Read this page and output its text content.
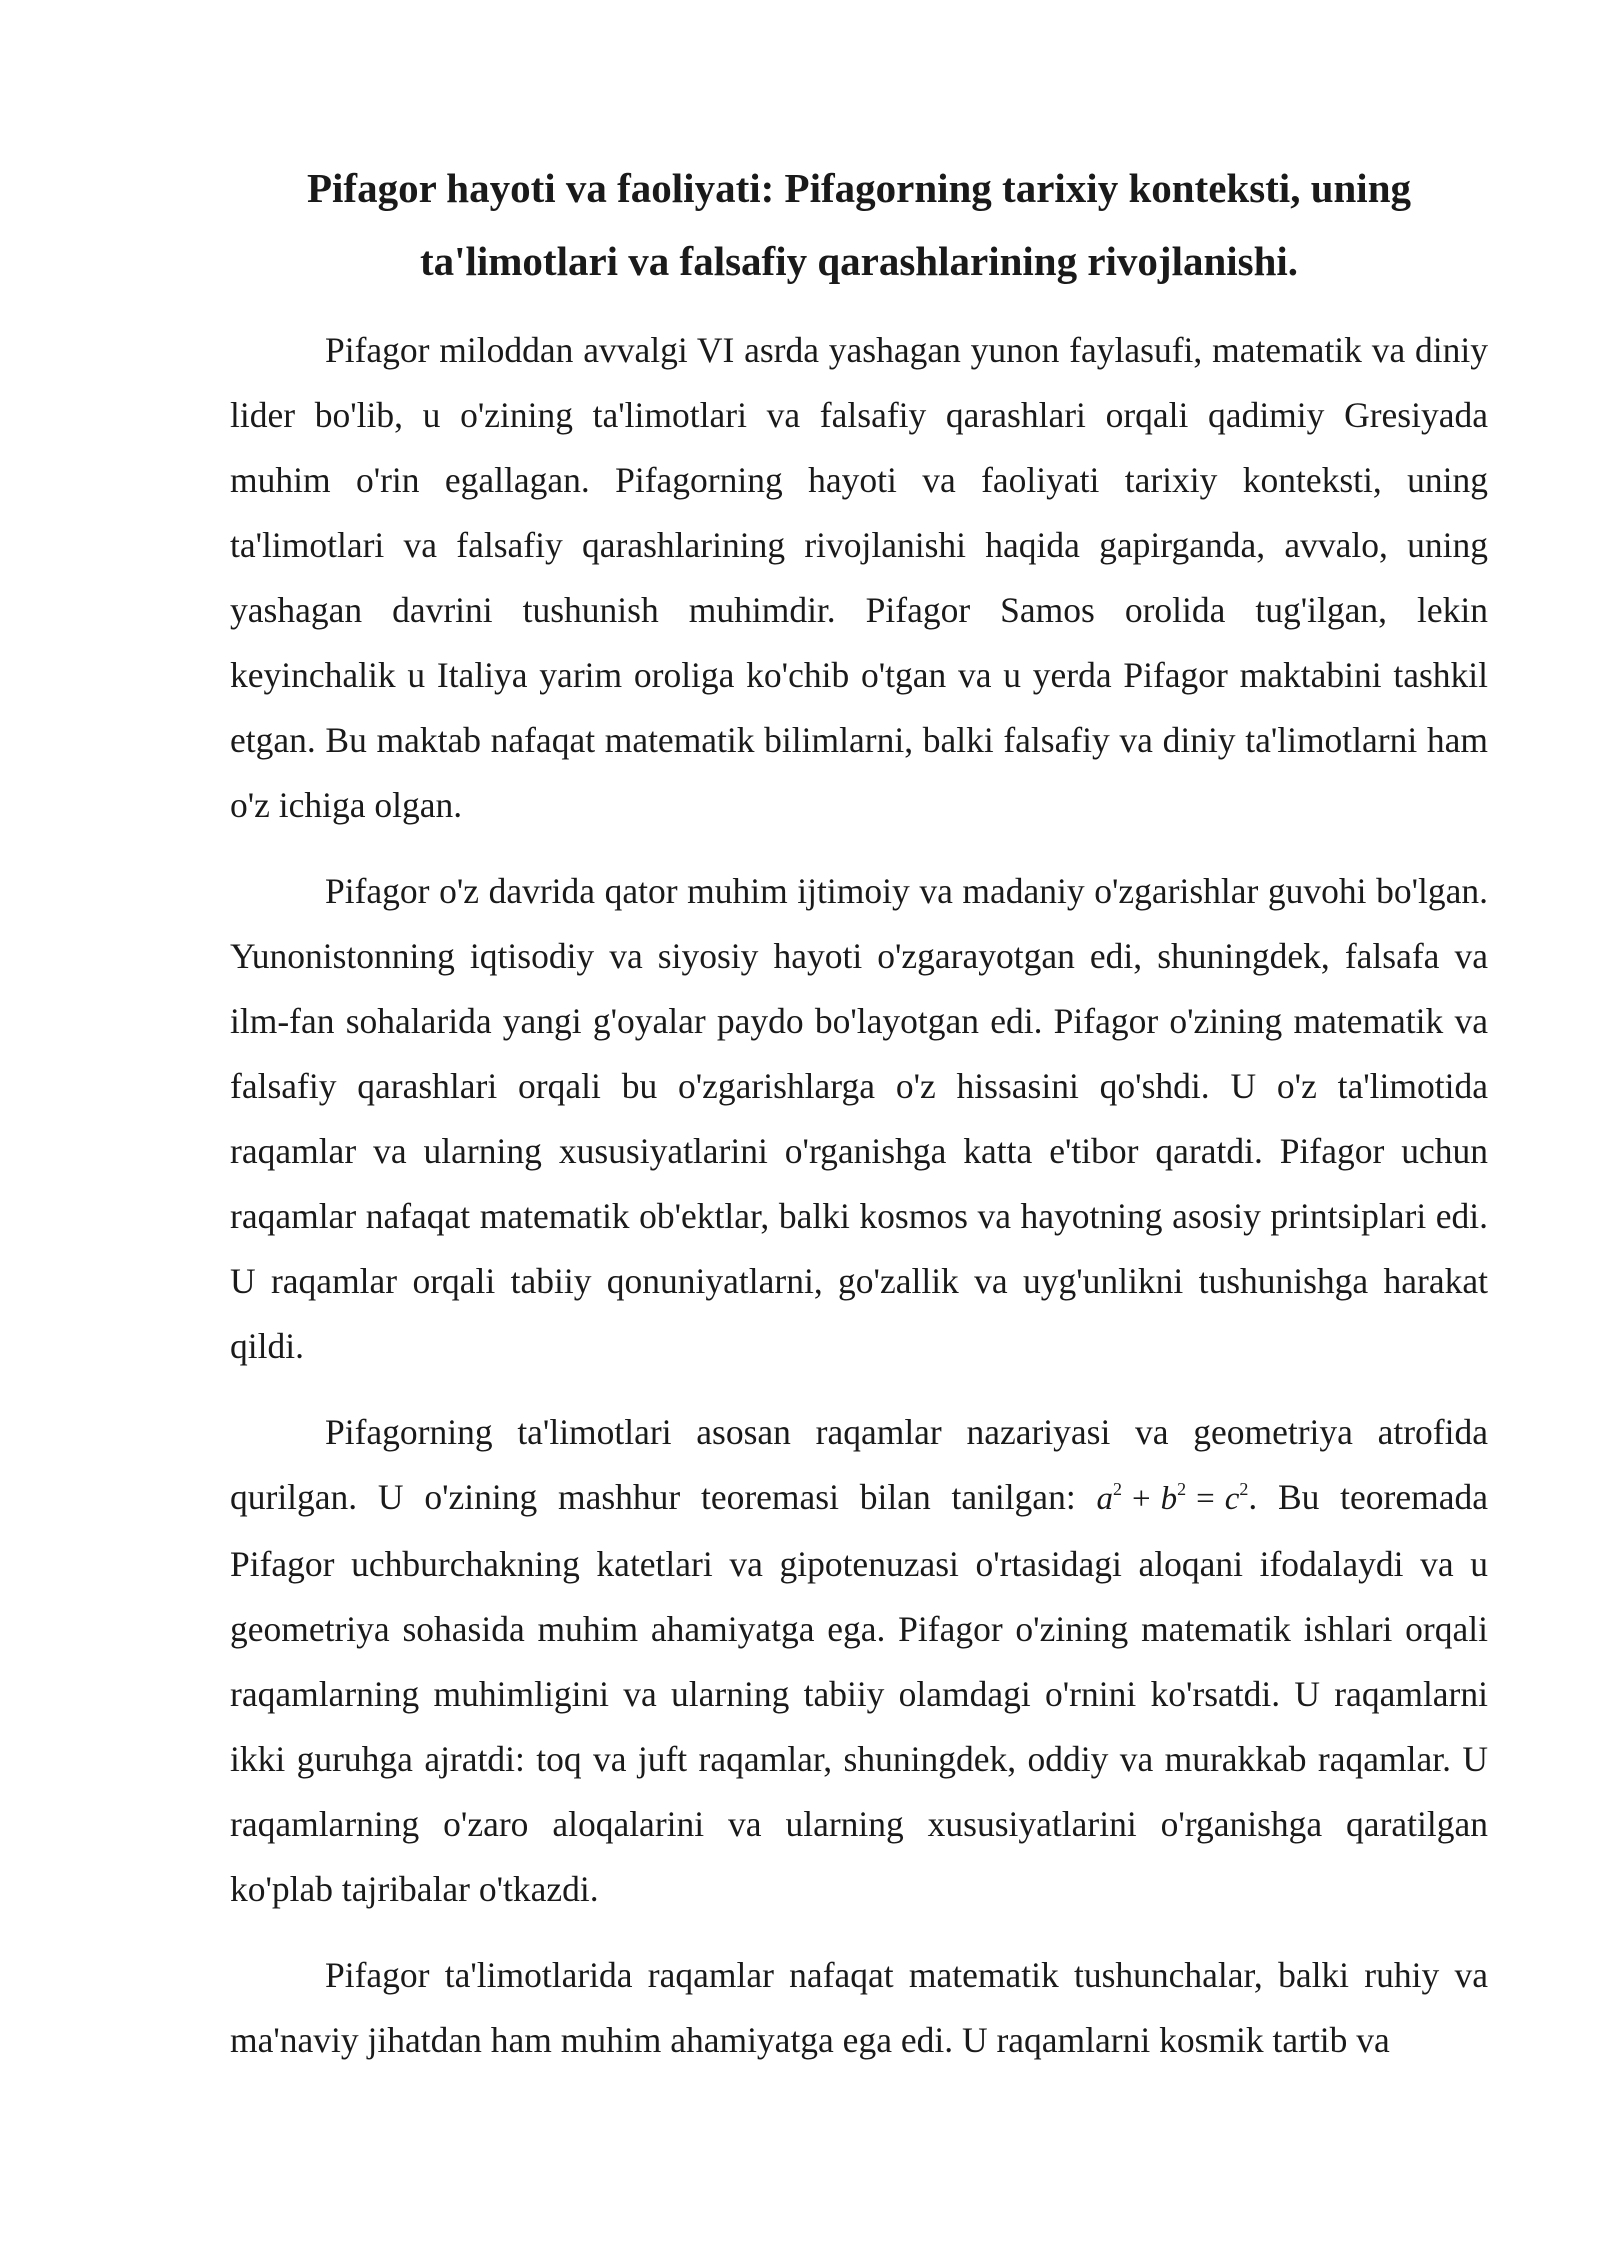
Pifagor hayoti va faoliyati: Pifagorning tarixiy konteksti, uning ta'limotlari va falsafiy qarashlarining rivojlanishi.

Pifagor miloddan avvalgi VI asrda yashagan yunon faylasufi, matematik va diniy lider bo'lib, u o'zining ta'limotlari va falsafiy qarashlari orqali qadimiy Gresiyada muhim o'rin egallagan. Pifagorning hayoti va faoliyati tarixiy konteksti, uning ta'limotlari va falsafiy qarashlarining rivojlanishi haqida gapirganda, avvalo, uning yashagan davrini tushunish muhimdir. Pifagor Samos orolida tug'ilgan, lekin keyinchalik u Italiya yarim oroliga ko'chib o'tgan va u yerda Pifagor maktabini tashkil etgan. Bu maktab nafaqat matematik bilimlarni, balki falsafiy va diniy ta'limotlarni ham o'z ichiga olgan.

Pifagor o'z davrida qator muhim ijtimoiy va madaniy o'zgarishlar guvohi bo'lgan. Yunonistonning iqtisodiy va siyosiy hayoti o'zgarayotgan edi, shuningdek, falsafa va ilm-fan sohalarida yangi g'oyalar paydo bo'layotgan edi. Pifagor o'zining matematik va falsafiy qarashlari orqali bu o'zgarishlarga o'z hissasini qo'shdi. U o'z ta'limotida raqamlar va ularning xususiyatlarini o'rganishga katta e'tibor qaratdi. Pifagor uchun raqamlar nafaqat matematik ob'ektlar, balki kosmos va hayotning asosiy printsiplari edi. U raqamlar orqali tabiiy qonuniyatlarni, go'zallik va uyg'unlikni tushunishga harakat qildi.

Pifagorning ta'limotlari asosan raqamlar nazariyasi va geometriya atrofida qurilgan. U o'zining mashhur teoremasi bilan tanilgan: $a^2 + b^2 = c^2$. Bu teoremada Pifagor uchburchakning katetlari va gipotenuzasi o'rtasidagi aloqani ifodalaydi va u geometriya sohasida muhim ahamiyatga ega. Pifagor o'zining matematik ishlari orqali raqamlarning muhimligini va ularning tabiiy olamdagi o'rnini ko'rsatdi. U raqamlarni ikki guruhga ajratdi: toq va juft raqamlar, shuningdek, oddiy va murakkab raqamlar. U raqamlarning o'zaro aloqalarini va ularning xususiyatlarini o'rganishga qaratilgan ko'plab tajribalar o'tkazdi.

Pifagor ta'limotlarida raqamlar nafaqat matematik tushunchalar, balki ruhiy va ma'naviy jihatdan ham muhim ahamiyatga ega edi. U raqamlarni kosmik tartib va
